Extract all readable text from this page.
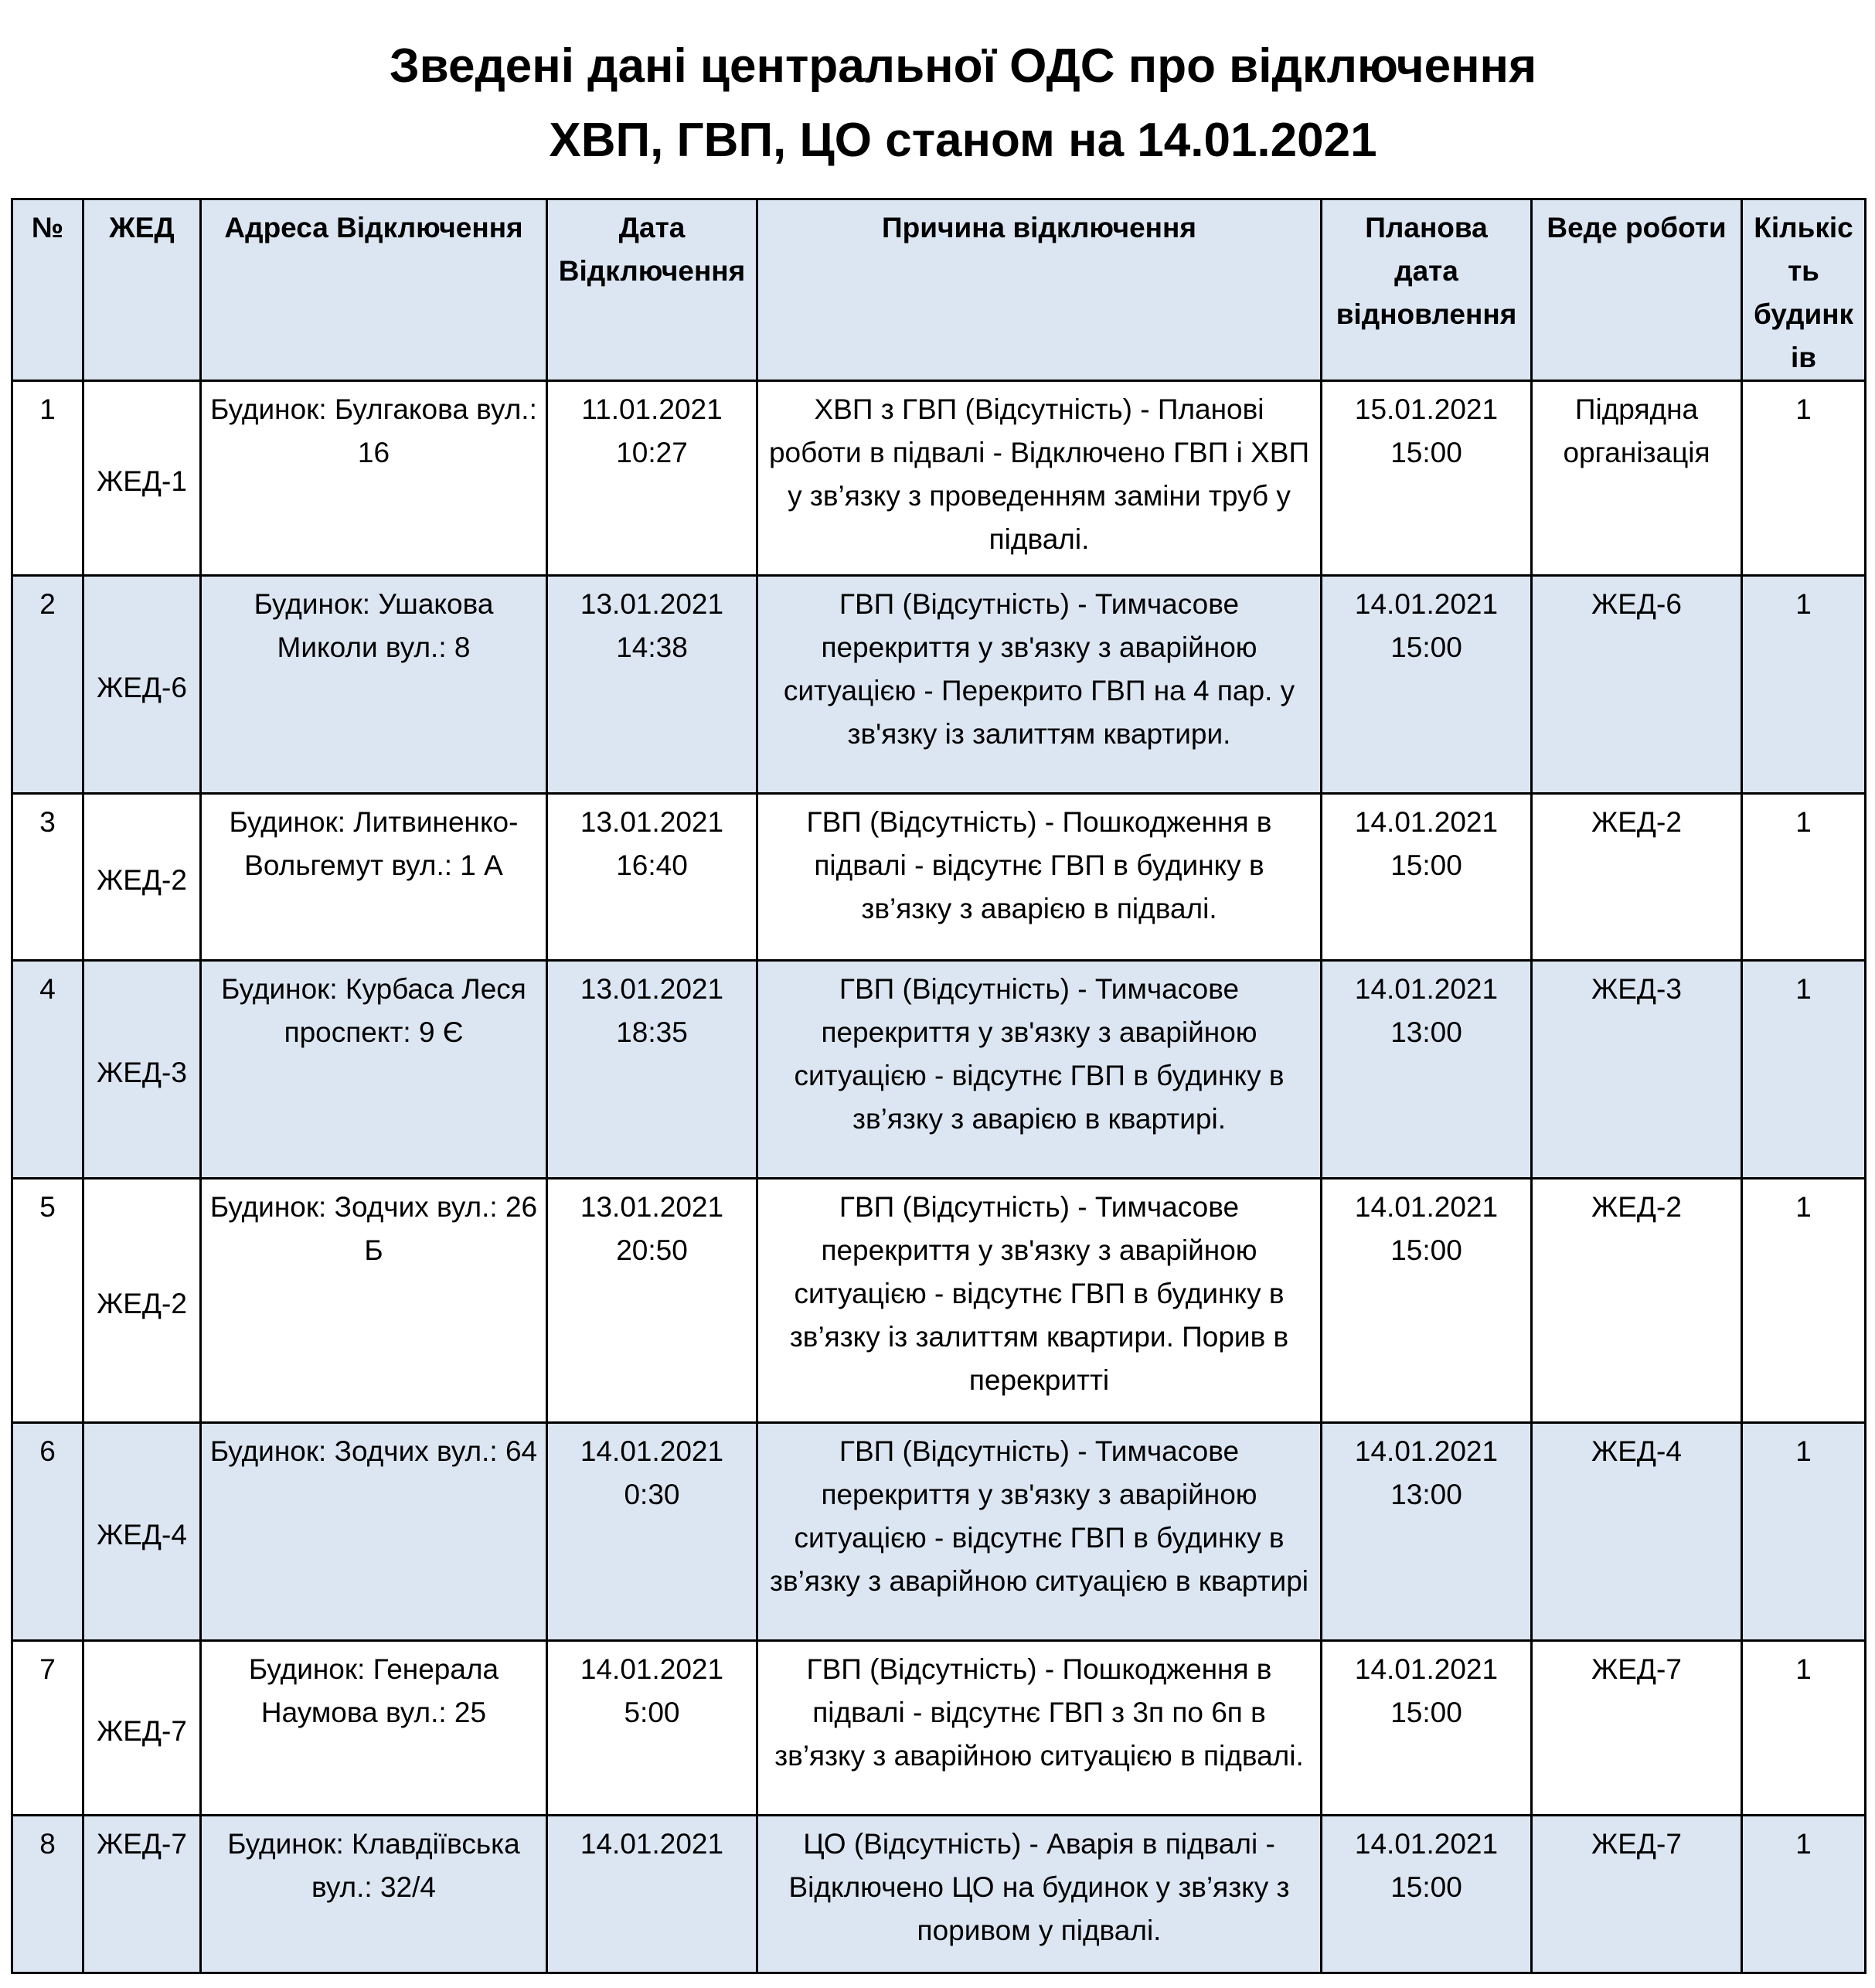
Зведені дані центральної ОДС про відключення
ХВП, ГВП, ЦО станом на 14.01.2021
№	ЖЕД	Адреса Відключення	Дата Відключення	Причина відключення	Планова дата відновлення	Веде роботи	Кількість будинків
1	ЖЕД-1	Будинок: Булгакова вул.: 16	11.01.2021 10:27	ХВП з ГВП (Відсутність) - Планові роботи в підвалі - Відключено ГВП і ХВП у зв’язку з проведенням заміни труб у підвалі.	15.01.2021 15:00	Підрядна організація	1
2	ЖЕД-6	Будинок: Ушакова Миколи вул.: 8	13.01.2021 14:38	ГВП (Відсутність) - Тимчасове перекриття у зв'язку з аварійною ситуацією - Перекрито ГВП на 4 пар. у зв'язку із залиттям квартири.	14.01.2021 15:00	ЖЕД-6	1
3	ЖЕД-2	Будинок: Литвиненко-Вольгемут вул.: 1 А	13.01.2021 16:40	ГВП (Відсутність) - Пошкодження в підвалі - відсутнє ГВП в будинку в зв’язку з аварією в підвалі.	14.01.2021 15:00	ЖЕД-2	1
4	ЖЕД-3	Будинок: Курбаса Леся проспект: 9 Є	13.01.2021 18:35	ГВП (Відсутність) - Тимчасове перекриття у зв'язку з аварійною ситуацією - відсутнє ГВП в будинку в зв’язку з аварією в квартирі.	14.01.2021 13:00	ЖЕД-3	1
5	ЖЕД-2	Будинок: Зодчих вул.: 26 Б	13.01.2021 20:50	ГВП (Відсутність) - Тимчасове перекриття у зв'язку з аварійною ситуацією - відсутнє ГВП в будинку в зв’язку із залиттям квартири. Порив в перекритті	14.01.2021 15:00	ЖЕД-2	1
6	ЖЕД-4	Будинок: Зодчих вул.: 64	14.01.2021 0:30	ГВП (Відсутність) - Тимчасове перекриття у зв'язку з аварійною ситуацією - відсутнє ГВП в будинку в зв’язку з аварійною ситуацією в квартирі	14.01.2021 13:00	ЖЕД-4	1
7	ЖЕД-7	Будинок: Генерала Наумова вул.: 25	14.01.2021 5:00	ГВП (Відсутність) - Пошкодження в підвалі - відсутнє ГВП з 3п по 6п в зв’язку з аварійною ситуацією в підвалі.	14.01.2021 15:00	ЖЕД-7	1
8	ЖЕД-7	Будинок: Клавдіївська вул.: 32/4	14.01.2021	ЦО (Відсутність) - Аварія в підвалі - Відключено ЦО на будинок у зв’язку з поривом у підвалі.	14.01.2021 15:00	ЖЕД-7	1
